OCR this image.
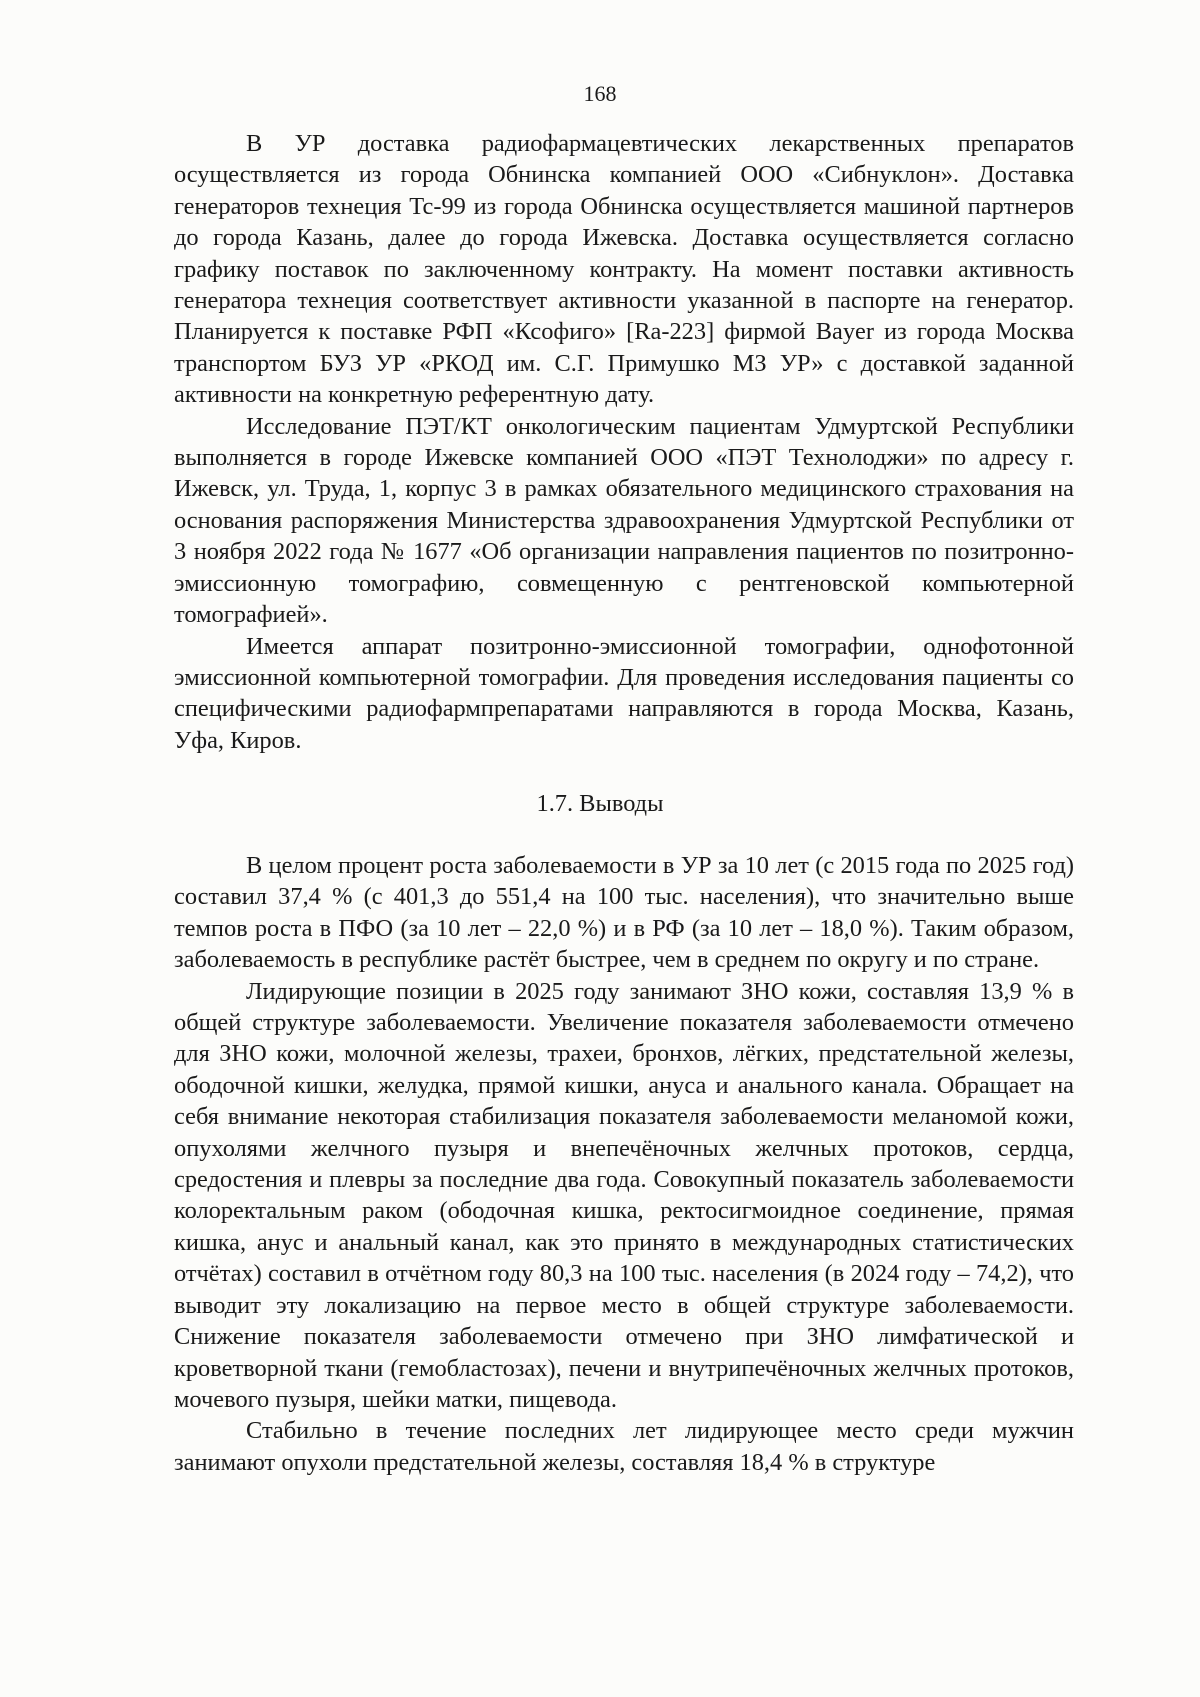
168

В УР доставка радиофармацевтических лекарственных препаратов осуществляется из города Обнинска компанией ООО «Сибнуклон». Доставка генераторов технеция Tc-99 из города Обнинска осуществляется машиной партнеров до города Казань, далее до города Ижевска. Доставка осуществляется согласно графику поставок по заключенному контракту. На момент поставки активность генератора технеция соответствует активности указанной в паспорте на генератор. Планируется к поставке РФП «Ксофиго» [Ra-223] фирмой Bayer из города Москва транспортом БУЗ УР «РКОД им. С.Г. Примушко МЗ УР» с доставкой заданной активности на конкретную референтную дату.

Исследование ПЭТ/КТ онкологическим пациентам Удмуртской Республики выполняется в городе Ижевске компанией ООО «ПЭТ Технолоджи» по адресу г. Ижевск, ул. Труда, 1, корпус 3 в рамках обязательного медицинского страхования на основания распоряжения Министерства здравоохранения Удмуртской Республики от 3 ноября 2022 года № 1677 «Об организации направления пациентов по позитронно-эмиссионную томографию, совмещенную с рентгеновской компьютерной томографией».

Имеется аппарат позитронно-эмиссионной томографии, однофотонной эмиссионной компьютерной томографии. Для проведения исследования пациенты со специфическими радиофармпрепаратами направляются в города Москва, Казань, Уфа, Киров.

1.7. Выводы

В целом процент роста заболеваемости в УР за 10 лет (с 2015 года по 2025 год) составил 37,4 % (с 401,3 до 551,4 на 100 тыс. населения), что значительно выше темпов роста в ПФО (за 10 лет – 22,0 %) и в РФ (за 10 лет – 18,0 %). Таким образом, заболеваемость в республике растёт быстрее, чем в среднем по округу и по стране.

Лидирующие позиции в 2025 году занимают ЗНО кожи, составляя 13,9 % в общей структуре заболеваемости. Увеличение показателя заболеваемости отмечено для ЗНО кожи, молочной железы, трахеи, бронхов, лёгких, предстательной железы, ободочной кишки, желудка, прямой кишки, ануса и анального канала. Обращает на себя внимание некоторая стабилизация показателя заболеваемости меланомой кожи, опухолями желчного пузыря и внепечёночных желчных протоков, сердца, средостения и плевры за последние два года. Совокупный показатель заболеваемости колоректальным раком (ободочная кишка, ректосигмоидное соединение, прямая кишка, анус и анальный канал, как это принято в международных статистических отчётах) составил в отчётном году 80,3 на 100 тыс. населения (в 2024 году – 74,2), что выводит эту локализацию на первое место в общей структуре заболеваемости. Снижение показателя заболеваемости отмечено при ЗНО лимфатической и кроветворной ткани (гемобластозах), печени и внутрипечёночных желчных протоков, мочевого пузыря, шейки матки, пищевода.

Стабильно в течение последних лет лидирующее место среди мужчин занимают опухоли предстательной железы, составляя 18,4 % в структуре
